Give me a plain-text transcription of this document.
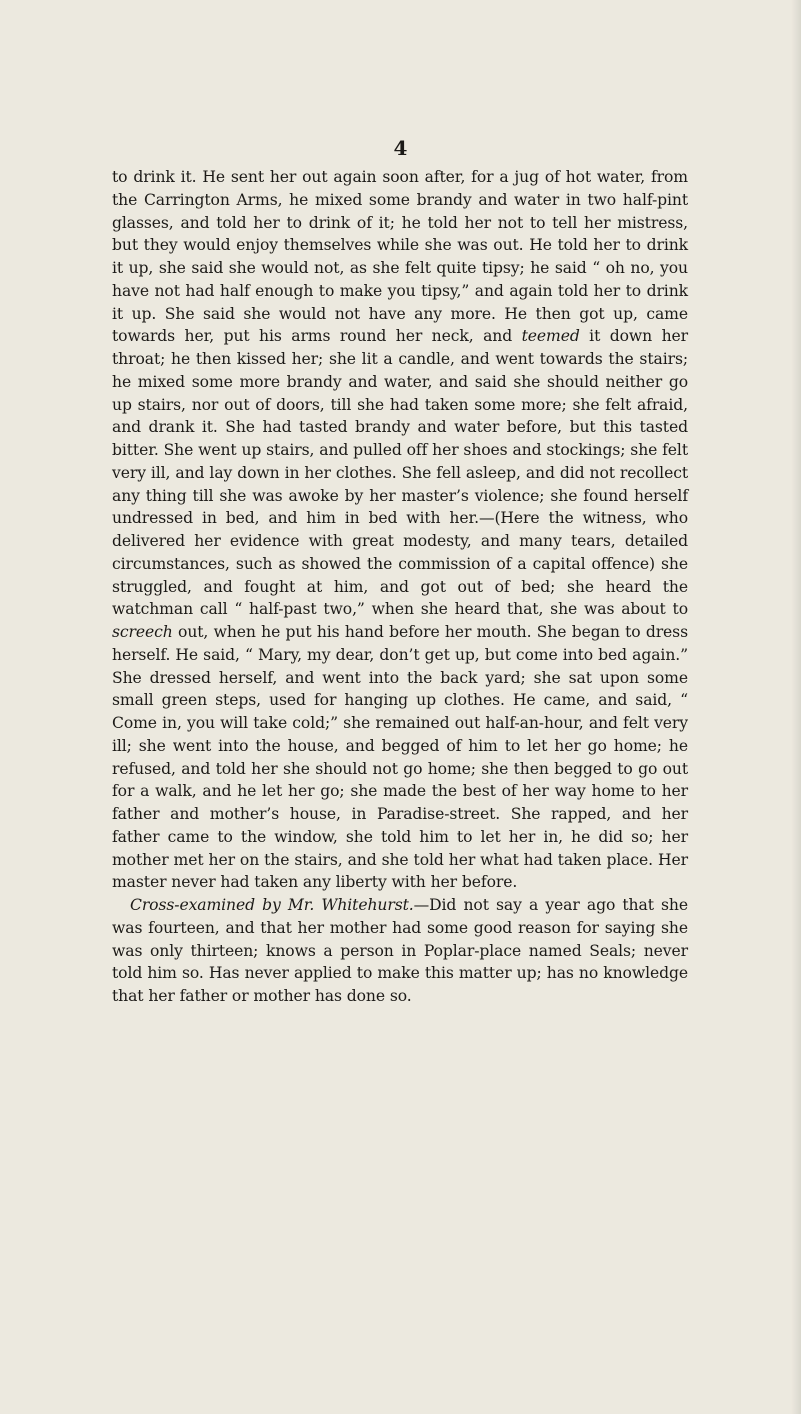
4

to drink it. He sent her out again soon after, for a jug of hot water, from the Carrington Arms, he mixed some brandy and water in two half-pint glasses, and told her to drink of it; he told her not to tell her mistress, but they would enjoy themselves while she was out. He told her to drink it up, she said she would not, as she felt quite tipsy; he said “ oh no, you have not had half enough to make you tipsy,” and again told her to drink it up. She said she would not have any more. He then got up, came towards her, put his arms round her neck, and teemed it down her throat; he then kissed her; she lit a candle, and went towards the stairs; he mixed some more brandy and water, and said she should neither go up stairs, nor out of doors, till she had taken some more; she felt afraid, and drank it. She had tasted brandy and water before, but this tasted bitter. She went up stairs, and pulled off her shoes and stockings; she felt very ill, and lay down in her clothes. She fell asleep, and did not recollect any thing till she was awoke by her master’s violence; she found herself undressed in bed, and him in bed with her.—(Here the witness, who delivered her evidence with great modesty, and many tears, detailed circumstances, such as showed the commission of a capital offence) she struggled, and fought at him, and got out of bed; she heard the watchman call “ half-past two,” when she heard that, she was about to screech out, when he put his hand before her mouth. She began to dress herself. He said, “ Mary, my dear, don’t get up, but come into bed again.” She dressed herself, and went into the back yard; she sat upon some small green steps, used for hanging up clothes. He came, and said, “ Come in, you will take cold;” she remained out half-an-hour, and felt very ill; she went into the house, and begged of him to let her go home; he refused, and told her she should not go home; she then begged to go out for a walk, and he let her go; she made the best of her way home to her father and mother’s house, in Paradise-street. She rapped, and her father came to the window, she told him to let her in, he did so; her mother met her on the stairs, and she told her what had taken place. Her master never had taken any liberty with her before.

Cross-examined by Mr. Whitehurst.—Did not say a year ago that she was fourteen, and that her mother had some good reason for saying she was only thirteen; knows a person in Poplar-place named Seals; never told him so. Has never applied to make this matter up; has no knowledge that her father or mother has done so.
